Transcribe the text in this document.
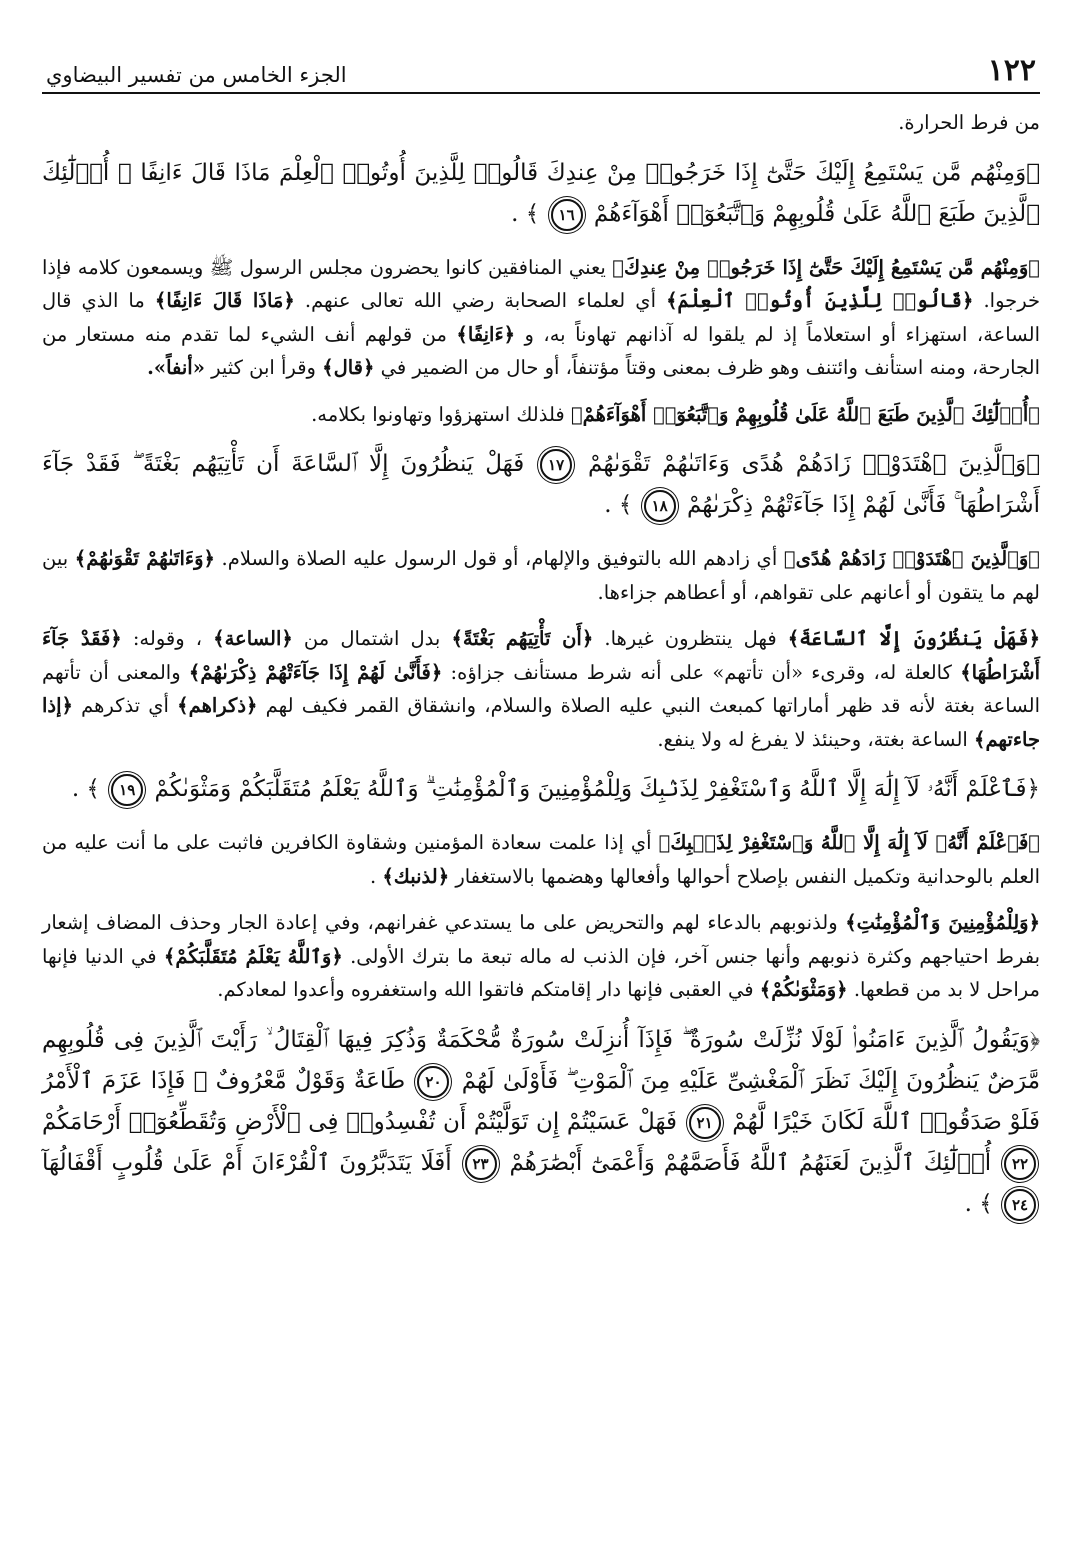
١٢٢
الجزء الخامس من تفسير البيضاوي

من فرط الحرارة.

﴿وَمِنْهُم مَّن يَسْتَمِعُ إِلَيْكَ حَتَّىٰٓ إِذَا خَرَجُوا۟ مِنْ عِندِكَ قَالُوا۟ لِلَّذِينَ أُوتُوا۟ ٱلْعِلْمَ مَاذَا قَالَ ءَانِفًا ۚ أُو۟لَٰٓئِكَ ٱلَّذِينَ طَبَعَ ٱللَّهُ عَلَىٰ قُلُوبِهِمْ وَٱتَّبَعُوٓا۟ أَهْوَآءَهُمْ ١٦ ﴾ .

﴿وَمِنْهُم مَّن يَسْتَمِعُ إِلَيْكَ حَتَّىٰٓ إِذَا خَرَجُوا۟ مِنْ عِندِكَ﴾ يعني المنافقين كانوا يحضرون مجلس الرسول ﷺ ويسمعون كلامه فإذا خرجوا. ﴿قَالُوا۟ لِلَّذِينَ أُوتُوا۟ ٱلْعِلْمَ﴾ أي لعلماء الصحابة رضي الله تعالى عنهم. ﴿مَاذَا قَالَ ءَانِفًا﴾ ما الذي قال الساعة، استهزاء أو استعلاماً إذ لم يلقوا له آذانهم تهاوناً به، و ﴿ءَانِفًا﴾ من قولهم أنف الشيء لما تقدم منه مستعار من الجارحة، ومنه استأنف وائتنف وهو ظرف بمعنى وقتاً مؤتنفاً، أو حال من الضمير في ﴿قال﴾ وقرأ ابن كثير «أنفاً».

﴿أُو۟لَٰٓئِكَ ٱلَّذِينَ طَبَعَ ٱللَّهُ عَلَىٰ قُلُوبِهِمْ وَٱتَّبَعُوٓا۟ أَهْوَآءَهُمْ﴾ فلذلك استهزؤوا وتهاونوا بكلامه.

﴿وَٱلَّذِينَ ٱهْتَدَوْا۟ زَادَهُمْ هُدًى وَءَاتَىٰهُمْ تَقْوَىٰهُمْ ١٧ فَهَلْ يَنظُرُونَ إِلَّا ٱلسَّاعَةَ أَن تَأْتِيَهُم بَغْتَةً ۖ فَقَدْ جَآءَ أَشْرَاطُهَا ۚ فَأَنَّىٰ لَهُمْ إِذَا جَآءَتْهُمْ ذِكْرَىٰهُمْ ١٨ ﴾ .

﴿وَٱلَّذِينَ ٱهْتَدَوْا۟ زَادَهُمْ هُدًى﴾ أي زادهم الله بالتوفيق والإلهام، أو قول الرسول عليه الصلاة والسلام. ﴿وَءَاتَىٰهُمْ تَقْوَىٰهُمْ﴾ بين لهم ما يتقون أو أعانهم على تقواهم، أو أعطاهم جزاءها.

﴿فَهَلْ يَنظُرُونَ إِلَّا ٱلسَّاعَةَ﴾ فهل ينتظرون غيرها. ﴿أَن تَأْتِيَهُم بَغْتَةً﴾ بدل اشتمال من ﴿الساعة﴾ ، وقوله: ﴿فَقَدْ جَآءَ أَشْرَاطُهَا﴾ كالعلة له، وقرىء «أن تأتهم» على أنه شرط مستأنف جزاؤه: ﴿فَأَنَّىٰ لَهُمْ إِذَا جَآءَتْهُمْ ذِكْرَىٰهُمْ﴾ والمعنى أن تأتهم الساعة بغتة لأنه قد ظهر أماراتها كمبعث النبي عليه الصلاة والسلام، وانشقاق القمر فكيف لهم ﴿ذكراهم﴾ أي تذكرهم ﴿إذا جاءتهم﴾ الساعة بغتة، وحينئذ لا يفرغ له ولا ينفع.

﴿فَٱعْلَمْ أَنَّهُۥ لَآ إِلَٰهَ إِلَّا ٱللَّهُ وَٱسْتَغْفِرْ لِذَنۢبِكَ وَلِلْمُؤْمِنِينَ وَٱلْمُؤْمِنَٰتِ ۗ وَٱللَّهُ يَعْلَمُ مُتَقَلَّبَكُمْ وَمَثْوَىٰكُمْ ١٩ ﴾ .

﴿فَٱعْلَمْ أَنَّهُۥ لَآ إِلَٰهَ إِلَّا ٱللَّهُ وَٱسْتَغْفِرْ لِذَنۢبِكَ﴾ أي إذا علمت سعادة المؤمنين وشقاوة الكافرين فاثبت على ما أنت عليه من العلم بالوحدانية وتكميل النفس بإصلاح أحوالها وأفعالها وهضمها بالاستغفار ﴿لذنبك﴾ .

﴿وَلِلْمُؤْمِنِينَ وَٱلْمُؤْمِنَٰتِ﴾ ولذنوبهم بالدعاء لهم والتحريض على ما يستدعي غفرانهم، وفي إعادة الجار وحذف المضاف إشعار بفرط احتياجهم وكثرة ذنوبهم وأنها جنس آخر، فإن الذنب له ماله تبعة ما بترك الأولى. ﴿وَٱللَّهُ يَعْلَمُ مُتَقَلَّبَكُمْ﴾ في الدنيا فإنها مراحل لا بد من قطعها. ﴿وَمَثْوَىٰكُمْ﴾ في العقبى فإنها دار إقامتكم فاتقوا الله واستغفروه وأعدوا لمعادكم.

﴿وَيَقُولُ ٱلَّذِينَ ءَامَنُوا۟ لَوْلَا نُزِّلَتْ سُورَةٌ ۖ فَإِذَآ أُنزِلَتْ سُورَةٌ مُّحْكَمَةٌ وَذُكِرَ فِيهَا ٱلْقِتَالُ ۙ رَأَيْتَ ٱلَّذِينَ فِى قُلُوبِهِم مَّرَضٌ يَنظُرُونَ إِلَيْكَ نَظَرَ ٱلْمَغْشِىِّ عَلَيْهِ مِنَ ٱلْمَوْتِ ۖ فَأَوْلَىٰ لَهُمْ ٢٠ طَاعَةٌ وَقَوْلٌ مَّعْرُوفٌ ۚ فَإِذَا عَزَمَ ٱلْأَمْرُ فَلَوْ صَدَقُوا۟ ٱللَّهَ لَكَانَ خَيْرًا لَّهُمْ ٢١ فَهَلْ عَسَيْتُمْ إِن تَوَلَّيْتُمْ أَن تُفْسِدُوا۟ فِى ٱلْأَرْضِ وَتُقَطِّعُوٓا۟ أَرْحَامَكُمْ ٢٢ أُو۟لَٰٓئِكَ ٱلَّذِينَ لَعَنَهُمُ ٱللَّهُ فَأَصَمَّهُمْ وَأَعْمَىٰٓ أَبْصَٰرَهُمْ ٢٣ أَفَلَا يَتَدَبَّرُونَ ٱلْقُرْءَانَ أَمْ عَلَىٰ قُلُوبٍ أَقْفَالُهَآ ٢٤ ﴾ .
